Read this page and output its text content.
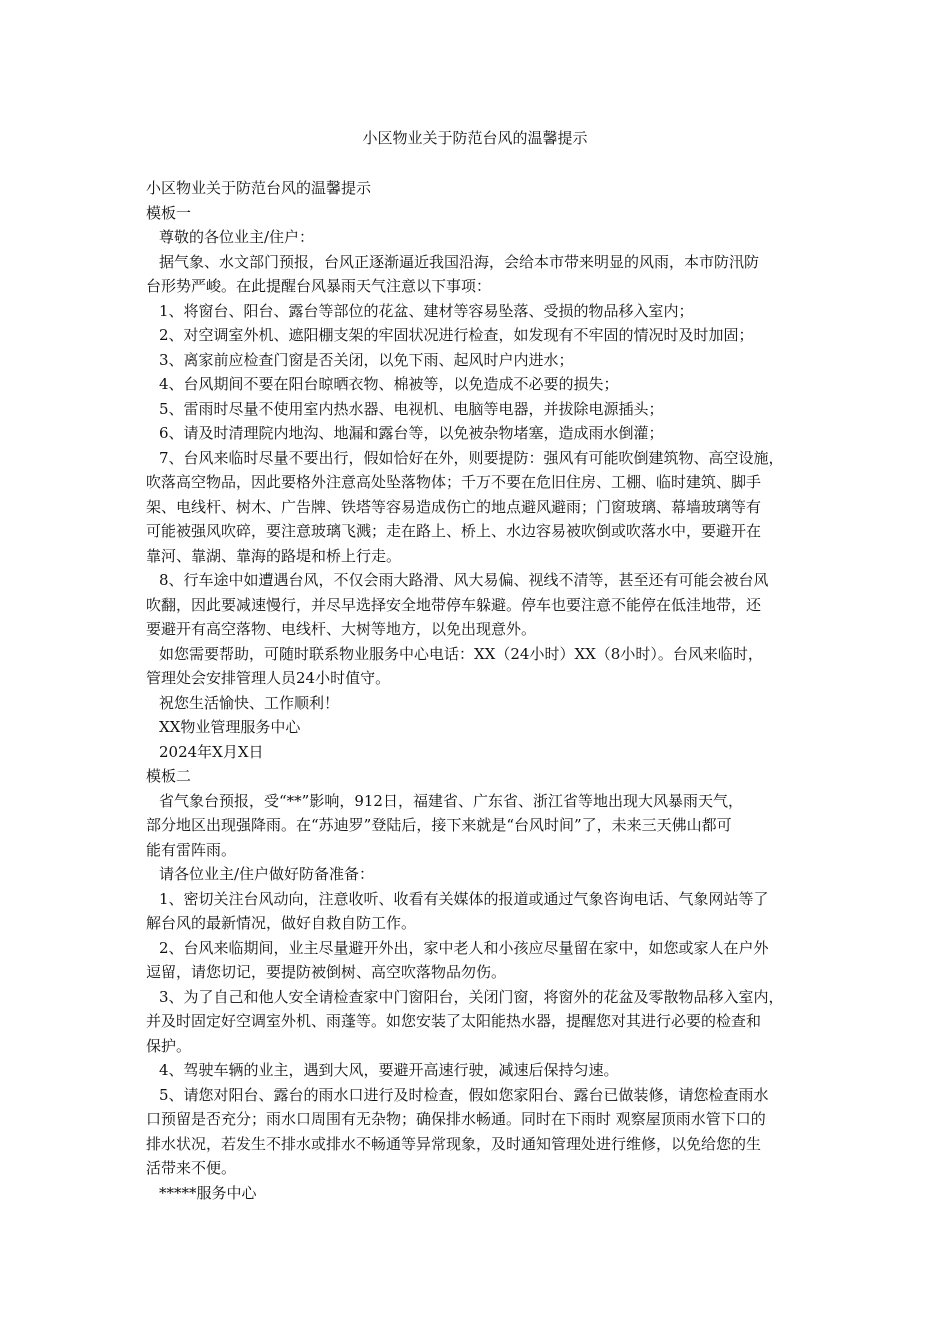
小区物业关于防范台风的温馨提示
小区物业关于防范台风的温馨提示
模板一
尊敬的各位业主/住户：
据气象、水文部门预报，台风正逐渐逼近我国沿海，会给本市带来明显的风雨，本市防汛防
台形势严峻。在此提醒台风暴雨天气注意以下事项：
1、将窗台、阳台、露台等部位的花盆、建材等容易坠落、受损的物品移入室内；
2、对空调室外机、遮阳棚支架的牢固状况进行检查，如发现有不牢固的情况时及时加固；
3、离家前应检查门窗是否关闭，以免下雨、起风时户内进水；
4、台风期间不要在阳台晾晒衣物、棉被等，以免造成不必要的损失；
5、雷雨时尽量不使用室内热水器、电视机、电脑等电器，并拔除电源插头；
6、请及时清理院内地沟、地漏和露台等，以免被杂物堵塞，造成雨水倒灌；
7、台风来临时尽量不要出行，假如恰好在外，则要提防：强风有可能吹倒建筑物、高空设施，
吹落高空物品，因此要格外注意高处坠落物体；千万不要在危旧住房、工棚、临时建筑、脚手
架、电线杆、树木、广告牌、铁塔等容易造成伤亡的地点避风避雨；门窗玻璃、幕墙玻璃等有
可能被强风吹碎，要注意玻璃飞溅；走在路上、桥上、水边容易被吹倒或吹落水中，要避开在
靠河、靠湖、靠海的路堤和桥上行走。
8、行车途中如遭遇台风，不仅会雨大路滑、风大易偏、视线不清等，甚至还有可能会被台风
吹翻，因此要减速慢行，并尽早选择安全地带停车躲避。停车也要注意不能停在低洼地带，还
要避开有高空落物、电线杆、大树等地方，以免出现意外。
如您需要帮助，可随时联系物业服务中心电话：XX（24小时）XX（8小时）。台风来临时，
管理处会安排管理人员24小时值守。
祝您生活愉快、工作顺利！
XX物业管理服务中心
2024年X月X日
模板二
省气象台预报，受“**”影响，912日，福建省、广东省、浙江省等地出现大风暴雨天气，
部分地区出现强降雨。在“苏迪罗”登陆后，接下来就是“台风时间”了，未来三天佛山都可
能有雷阵雨。
请各位业主/住户做好防备准备：
1、密切关注台风动向，注意收听、收看有关媒体的报道或通过气象咨询电话、气象网站等了
解台风的最新情况，做好自救自防工作。
2、台风来临期间，业主尽量避开外出，家中老人和小孩应尽量留在家中，如您或家人在户外
逗留，请您切记，要提防被倒树、高空吹落物品勿伤。
3、为了自己和他人安全请检查家中门窗阳台，关闭门窗，将窗外的花盆及零散物品移入室内，
并及时固定好空调室外机、雨蓬等。如您安装了太阳能热水器，提醒您对其进行必要的检查和
保护。
4、驾驶车辆的业主，遇到大风，要避开高速行驶，减速后保持匀速。
5、请您对阳台、露台的雨水口进行及时检查，假如您家阳台、露台已做装修，请您检查雨水
口预留是否充分；雨水口周围有无杂物；确保排水畅通。同时在下雨时 观察屋顶雨水管下口的
排水状况，若发生不排水或排水不畅通等异常现象，及时通知管理处进行维修，以免给您的生
活带来不便。
*****服务中心
